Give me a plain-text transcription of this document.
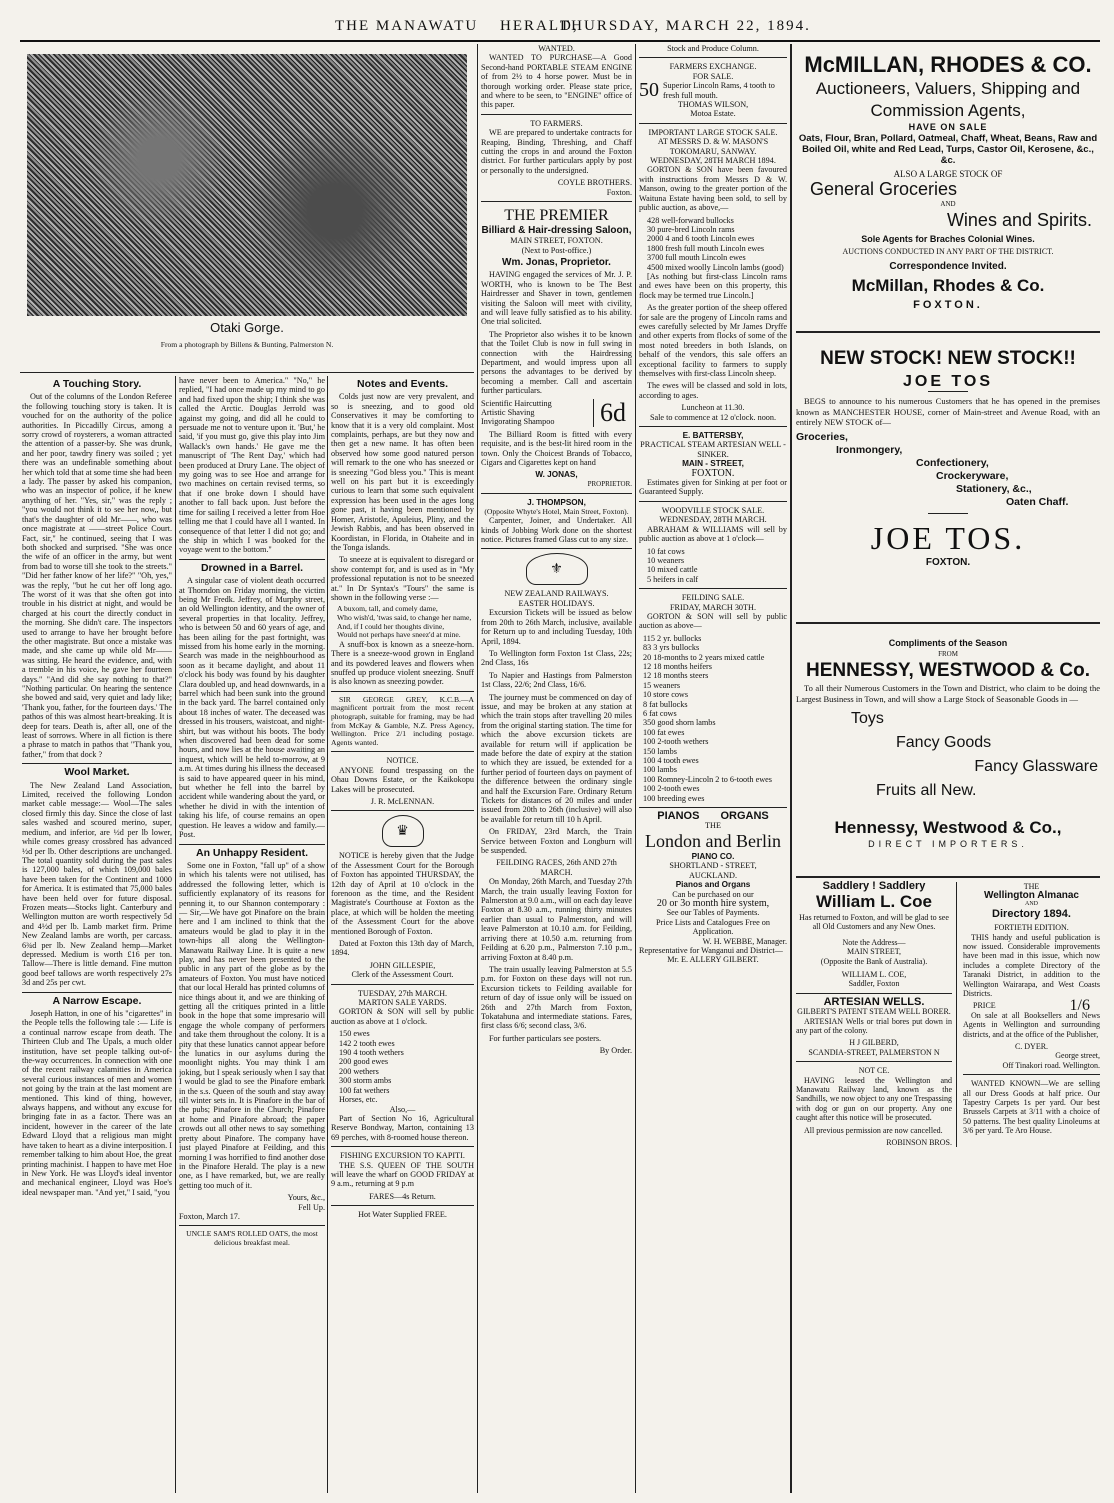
THE MANAWATU HERALD,
THURSDAY, MARCH 22, 1894.
Otaki Gorge.
From a photograph by Billens & Bunting, Palmerston N.
A Touching Story.

Out of the columns of the London Referee the following touching story is taken. It is vouched for on the authority of the police authorities. In Piccadilly Circus, among a sorry crowd of roysterers, a woman attracted the attention of a passer-by. She was drunk, and her poor, tawdry finery was soiled ; yet there was an undefinable something about her which told that at some time she had been a lady. The passer by asked his companion, who was an inspector of police, if he knew anything of her. "Yes, sir," was the reply ; "you would not think it to see her now,, but that's the daughter of old Mr——, who was once magistrate at ——street Police Court. Fact, sir," he continued, seeing that I was both shocked and surprised. "She was once the wife of an officer in the army, but went from bad to worse till she took to the streets." "Did her father know of her life?" "Oh, yes," was the reply, "but he cut her off long ago. The worst of it was that she often got into trouble in his district at night, and would be charged at his court the directly conduct in the morning. She didn't care. The inspectors used to arrange to have her brought before the other magistrate. But once a mistake was made, and she came up while old Mr—— was sitting. He heard the evidence, and, with a tremble in his voice, he gave her fourteen days." "And did she say nothing to that?" "Nothing particular. On hearing the sentence she bowed and said, very quiet and lady like; 'Thank you, father, for the fourteen days.' The pathos of this was almost heart-breaking. It is deep for tears. Death is, after all, one of the least of sorrows. Where in all fiction is there a phrase to match in pathos that "Thank you, father," from that dock ?

Wool Market.

The New Zealand Land Association, Limited, received the following London market cable message:— Wool—The sales closed firmly this day. Since the close of last sales washed and scoured merino, super, medium, and inferior, are ½d per lb lower, while comes greasy crossbred has advanced ½d per lb. Other descriptions are unchanged. The total quantity sold during the past sales is 127,000 bales, of which 109,000 bales have been taken for the Continent and 1000 for America. It is estimated that 75,000 bales have been held over for future disposal. Frozen meats—Stocks light. Canterbury and Wellington mutton are worth respectively 5d and 4½d per lb. Lamb market firm. Prime New Zealand lambs are worth, per carcass. 6¾d per lb. New Zealand hemp—Market depressed. Medium is worth £16 per ton. Tallow—There is little demand. Fine mutton good beef tallows are worth respectively 27s 3d and 25s per cwt.

A Narrow Escape.

Joseph Hatton, in one of his "cigarettes" in the People tells the following tale :— Life is a continual narrow escape from death. The Thirteen Club and The Upals, a much older institution, have set people talking out-of-the-way occurrences. In connection with one of the recent railway calamities in America several curious instances of men and women not going by the train at the last moment are mentioned. This kind of thing, however, always happens, and without any excuse for bringing fate in as a factor. There was an incident, however in the career of the late Edward Lloyd that a religious man might have taken to heart as a divine interposition. I remember talking to him about Hoe, the great printing machinist. I happen to have met Hoe in New York. He was Lloyd's ideal inventor and mechanical engineer, Lloyd was Hoe's ideal newspaper man. "And yet," I said, "you

have never been to America." "No," he replied, "I had once made up my mind to go and had fixed upon the ship; I think she was called the Arctic. Douglas Jerrold was against my going, and did all he could to persuade me not to venture upon it. 'But,' he said, 'if you must go, give this play into Jim Wallack's own hands.' He gave me the manuscript of 'The Rent Day,' which had been produced at Drury Lane. The object of my going was to see Hoe and arrange for two machines on certain revised terms, so that if one broke down I should have another to fall back upon. Just before the time for sailing I received a letter from Hoe telling me that I could have all I wanted. In consequence of that letter I did not go; and the ship in which I was booked for the voyage went to the bottom."

Drowned in a Barrel.

A singular case of violent death occurred at Thorndon on Friday morning, the victim being Mr Fredk. Jeffrey, of Murphy street, an old Wellington identity, and the owner of several properties in that locality. Jeffrey, who is between 50 and 60 years of age, and has been ailing for the past fortnight, was missed from his home early in the morning. Search was made in the neighbourhood as soon as it became daylight, and about 11 o'clock his body was found by his daughter Clara doubled up, and head downwards, in a barrel which had been sunk into the ground in the back yard. The barrel contained only about 18 inches of water. The deceased was dressed in his trousers, waistcoat, and night-shirt, but was without his boots. The body when discovered had been dead for some hours, and now lies at the house awaiting an inquest, which will be held to-morrow, at 9 a.m. At times during his illness the deceased is said to have appeared queer in his mind, but whether he fell into the barrel by accident while wandering about the yard, or whether he divid in with the intention of taking his life, of course remains an open question. He leaves a widow and family.—Post.

An Unhappy Resident.

Some one in Foxton, "fall up" of a show in which his talents were not utilised, has addressed the following letter, which is sufficiently explanatory of its reasons for penning it, to our Shannon contemporary :— Sir,—We have got Pinafore on the brain here and I am inclined to think that the amateurs would be glad to play it in the town-hips all along the Wellington-Manawatu Railway Line. It is quite a new play, and has never been presented to the public in any part of the globe as by the amateurs of Foxton. You must have noticed that our local Herald has printed columns of nice things about it, and we are thinking of getting all the critiques printed in a little book in the hope that some impresario will engage the whole company of performers and take them throughout the colony. It is a pity that these lunatics cannot appear before the lunatics in our asylums during the moonlight nights. You may think I am joking, but I speak seriously when I say that I would be glad to see the Pinafore embark in the s.s. Queen of the south and stay away till winter sets in. It is Pinafore in the bar of the pubs; Pinafore in the Church; Pinafore at home and Pinafore abroad; the paper crowds out all other news to say something pretty about Pinafore. The company have just played Pinafore at Feilding, and this morning I was horrified to find another dose in the Pinafore Herald. The play is a new one, as I have remarked, but, we are really getting too much of it.

Yours, &c.,
Fell Up.
Foxton, March 17.
UNCLE SAM'S ROLLED OATS, the most delicious breakfast meal.
Notes and Events.

Colds just now are very prevalent, and so is sneezing, and to good old Conservatives it may be comforting to know that it is a very old complaint. Most complaints, perhaps, are but they now and then get a new name. It has often been observed how some good natured person will remark to the one who has sneezed or is sneezing "God bless you." This is meant well on his part but it is exceedingly curious to learn that some such equivalent expression has been used in the ages long gone past, it having been mentioned by Homer, Aristotle, Apuleius, Pliny, and the Jewish Rabbis, and has been observed in Koordistan, in Florida, in Otaheite and in the Tonga islands.

To sneeze at is equivalent to disregard or show contempt for, and is used as in "My professional reputation is not to be sneezed at." In Dr Syntax's "Tours" the same is shown in the following verse :—

A buxom, tall, and comely dame,
Who wish'd, 'twas said, to change her name,
And, if I could her thoughts divine,
Would not perhaps have sneez'd at mine.

A snuff-box is known as a sneeze-horn. There is a sneeze-wood grown in England and its powdered leaves and flowers when snuffed up produce violent sneezing. Snuff is also known as sneezing powder.

SIR GEORGE GREY, K.C.B.—A magnificent portrait from the most recent photograph, suitable for framing, may be had from McKay & Gamble, N.Z. Press Agency, Wellington. Price 2/1 including postage. Agents wanted.

NOTICE.

ANYONE found trespassing on the Ohau Downs Estate, or the Kaikokopu Lakes will be prosecuted.

J. R. McLENNAN.
♛

NOTICE is hereby given that the Judge of the Assessment Court for the Borough of Foxton has appointed THURSDAY, the 12th day of April at 10 o'clock in the forenoon as the time, and the Resident Magistrate's Courthouse at Foxton as the place, at which will be holden the meeting of the Assessment Court for the above mentioned Borough of Foxton.

Dated at Foxton this 13th day of March, 1894.

JOHN GILLESPIE,
Clerk of the Assessment Court.
TUESDAY, 27th MARCH.
MARTON SALE YARDS.

GORTON & SON will sell by public auction as above at 1 o'clock.

150 ewes
142 2 tooth ewes
190 4 tooth wethers
200 good ewes
200 wethers
300 storm ambs
100 fat wethers
Horses, etc.
Also,—

Part of Section No 16, Agricultural Reserve Bondway, Marton, containing 13 69 perches, with 8-roomed house thereon.

FISHING EXCURSION TO KAPITI.

THE S.S. QUEEN OF THE SOUTH will leave the wharf on GOOD FRIDAY at 9 a.m., returning at 9 p.m

FARES—4s Return.
Hot Water Supplied FREE.
WANTED.

WANTED TO PURCHASE—A Good Second-hand PORTABLE STEAM ENGINE of from 2½ to 4 horse power. Must be in thorough working order. Please state price, and where to be seen, to "ENGINE" office of this paper.

TO FARMERS.

WE are prepared to undertake contracts for Reaping, Binding, Threshing, and Chaff cutting the crops in and around the Foxton district. For further particulars apply by post or personally to the undersigned.

COYLE BROTHERS.
Foxton.
THE PREMIER
Billiard & Hair-dressing Saloon,
MAIN STREET, FOXTON.
(Next to Post-office.)
Wm. Jonas, Proprietor.

HAVING engaged the services of Mr. J. P. WORTH, who is known to be The Best Hairdresser and Shaver in town, gentlemen visiting the Saloon will meet with civility, and will leave fully satisfied as to his ability. One trial solicited.

The Proprietor also wishes it to be known that the Toilet Club is now in full swing in connection with the Hairdressing Department, and would impress upon all persons the advantages to be derived by becoming a member. Call and ascertain further particulars.

Scientific Haircutting
Artistic Shaving
Invigorating Shampoo	6d

The Billiard Room is fitted with every requisite, and is the best-lit hired room in the town. Only the Choicest Brands of Tobacco, Cigars and Cigarettes kept on hand

W. JONAS,
PROPRIETOR.
J. THOMPSON,
(Opposite Whyte's Hotel, Main Street, Foxton).

Carpenter, Joiner, and Undertaker. All kinds of Jobbing Work done on the shortest notice. Pictures framed Glass cut to any size.

⚜
NEW ZEALAND RAILWAYS.
EASTER HOLIDAYS.

Excursion Tickets will be issued as below from 20th to 26th March, inclusive, available for Return up to and including Tuesday, 10th April, 1894.

To Wellington form Foxton 1st Class, 22s; 2nd Class, 16s

To Napier and Hastings from Palmerston 1st Class, 22/6; 2nd Class, 16/6.

The journey must be commenced on day of issue, and may be broken at any station at which the train stops after travelling 20 miles from the original starting station. The time for which the above excursion tickets are available for return will if application be made before the date of expiry at the station to which they are issued, be extended for a further period of fourteen days on payment of the difference between the ordinary single and half the Excursion Fare. Ordinary Return Tickets for distances of 20 miles and under issued from 20th to 26th (inclusive) will also be available for return till 10 h April.

On FRIDAY, 23rd March, the Train Service between Foxton and Longburn will be suspended.

FEILDING RACES, 26th AND 27th MARCH.

On Monday, 26th March, and Tuesday 27th March, the train usually leaving Foxton for Palmerston at 9.0 a.m., will on each day leave Foxton at 8.30 a.m., running thirty minutes earlier than usual to Palmerston, and will leave Palmerston at 10.10 a.m. for Feilding, arriving there at 10.50 a.m. returning from Feilding at 6.20 p.m., Palmerston 7.10 p.m., arriving Foxton at 8.40 p.m.

The train usually leaving Palmerston at 5.5 p.m. for Foxton on these days will not run. Excursion tickets to Feilding available for return of day of issue only will be issued on 26th and 27th March from Foxton, Tokatahuna and intermediate stations. Fares, first class 6/6; second class, 3/6.

For further particulars see posters.

By Order.
Stock and Produce Column.
FARMERS EXCHANGE.
FOR SALE.
50 Superior Lincoln Rams, 4 tooth to fresh full mouth.
THOMAS WILSON,
Motoa Estate.
IMPORTANT LARGE STOCK SALE.
AT MESSRS D. & W. MASON'S TOKOMARU, SANWAY.
WEDNESDAY, 28TH MARCH 1894.

GORTON & SON have been favoured with instructions from Messrs D & W. Manson, owing to the greater portion of the Waituna Estate having been sold, to sell by public auction, as above,—

428 well-forward bullocks
30 pure-bred Lincoln rams
2000 4 and 6 tooth Lincoln ewes
1800 fresh full mouth Lincoln ewes
3700 full mouth Lincoln ewes
4500 mixed woolly Lincoln lambs (good)

[As nothing but first-class Lincoln rams and ewes have been on this property, this flock may be termed true Lincoln.]

As the greater portion of the sheep offered for sale are the progeny of Lincoln rams and ewes carefully selected by Mr James Dryffe and other experts from flocks of some of the most noted breeders in both Islands, on behalf of the vendors, this sale offers an exceptional facility to farmers to supply themselves with first-class Lincoln sheep.

The ewes will be classed and sold in lots, according to ages.

Luncheon at 11.30.
Sale to commence at 12 o'clock. noon.
E. BATTERSBY,
PRACTICAL STEAM ARTESIAN WELL - SINKER.
MAIN - STREET,
FOXTON.

Estimates given for Sinking at per foot or Guaranteed Supply.

WOODVILLE STOCK SALE.
WEDNESDAY, 28TH MARCH.

ABRAHAM & WILLIAMS will sell by public auction as above at 1 o'clock—

10 fat cows
10 weaners
10 mixed cattle
5 heifers in calf
FEILDING SALE.
FRIDAY, MARCH 30TH.

GORTON & SON will sell by public auction as above—

115 2 yr. bullocks
83 3 yrs bullocks
20 18-months to 2 years mixed cattle
12 18 months heifers
12 18 months steers
15 weaners
10 store cows
8 fat bullocks
6 fat cows
350 good shorn lambs
100 fat ewes
100 2-tooth wethers
150 lambs
100 4 tooth ewes
100 lambs
100 Romney-Lincoln 2 to 6-tooth ewes
100 2-tooth ewes
100 breeding ewes
PIANOS ORGANS
THE
London and Berlin
PIANO CO.
SHORTLAND - STREET,
AUCKLAND.
Pianos and Organs
Can be purchased on our
20 or 3o month hire system,
See our Tables of Payments.
Price Lists and Catalogues Free on Application.
W. H. WEBBE, Manager.
Representative for Wanganui and District—
Mr. E. ALLERY GILBERT.
McMILLAN, RHODES & CO.
Auctioneers, Valuers, Shipping and Commission Agents,
HAVE ON SALE
Oats, Flour, Bran, Pollard, Oatmeal, Chaff, Wheat, Beans, Raw and Boiled Oil, white and Red Lead, Turps, Castor Oil, Kerosene, &c., &c.
ALSO A LARGE STOCK OF
General Groceries
AND
Wines and Spirits.
Sole Agents for Braches Colonial Wines.
AUCTIONS CONDUCTED IN ANY PART OF THE DISTRICT.
Correspondence Invited.
McMillan, Rhodes & Co.
FOXTON.
NEW STOCK! NEW STOCK!!
JOE TOS

BEGS to announce to his numerous Customers that he has opened in the premises known as MANCHESTER HOUSE, corner of Main-street and Avenue Road, with an entirely NEW STOCK of—

Groceries,
Ironmongery,
Confectionery,
Crockeryware,
Stationery, &c.,
Oaten Chaff.
JOE TOS.
FOXTON.
Compliments of the Season
FROM
HENNESSY, WESTWOOD & Co.

To all their Numerous Customers in the Town and District, who claim to be doing the Largest Business in Town, and will show a Large Stock of Seasonable Goods in —

Toys
Fancy Goods
Fancy Glassware
Fruits all New.
Hennessy, Westwood & Co.,
DIRECT IMPORTERS.
Saddlery ! Saddlery
William L. Coe
Has returned to Foxton, and will be glad to see all Old Customers and any New Ones.
Note the Address—
MAIN STREET,
(Opposite the Bank of Australia).
WILLIAM L. COE,
Saddler, Foxton
ARTESIAN WELLS.
GILBERT'S PATENT STEAM WELL BORER.

ARTESIAN Wells or trial bores put down in any part of the colony.

H J GILBERD,
SCANDIA-STREET, PALMERSTON N
NOT CE.

HAVING leased the Wellington and Manawatu Railway land, known as the Sandhills, we now object to any one Trespassing with dog or gun on our property. Any one caught after this notice will be prosecuted.

All previous permission are now cancelled.

ROBINSON BROS.
THE
Wellington Almanac
AND
Directory 1894.
FORTIETH EDITION.

THIS handy and useful publication is now issued. Considerable improvements have been mad in this issue, which now includes a complete Directory of the Taranaki District, in addition to the Wellington Wairarapa, and West Coasts Districts.

PRICE	1/6

On sale at all Booksellers and News Agents in Wellington and surrounding districts, and at the office of the Publisher,

C. DYER.
George street,
Off Tinakori road. Wellington.

WANTED KNOWN—We are selling all our Dress Goods at half price. Our Tapestry Carpets 1s per yard. Our best Brussels Carpets at 3/11 with a choice of 50 patterns. The best quality Linoleums at 3/6 per yard. Te Aro House.
